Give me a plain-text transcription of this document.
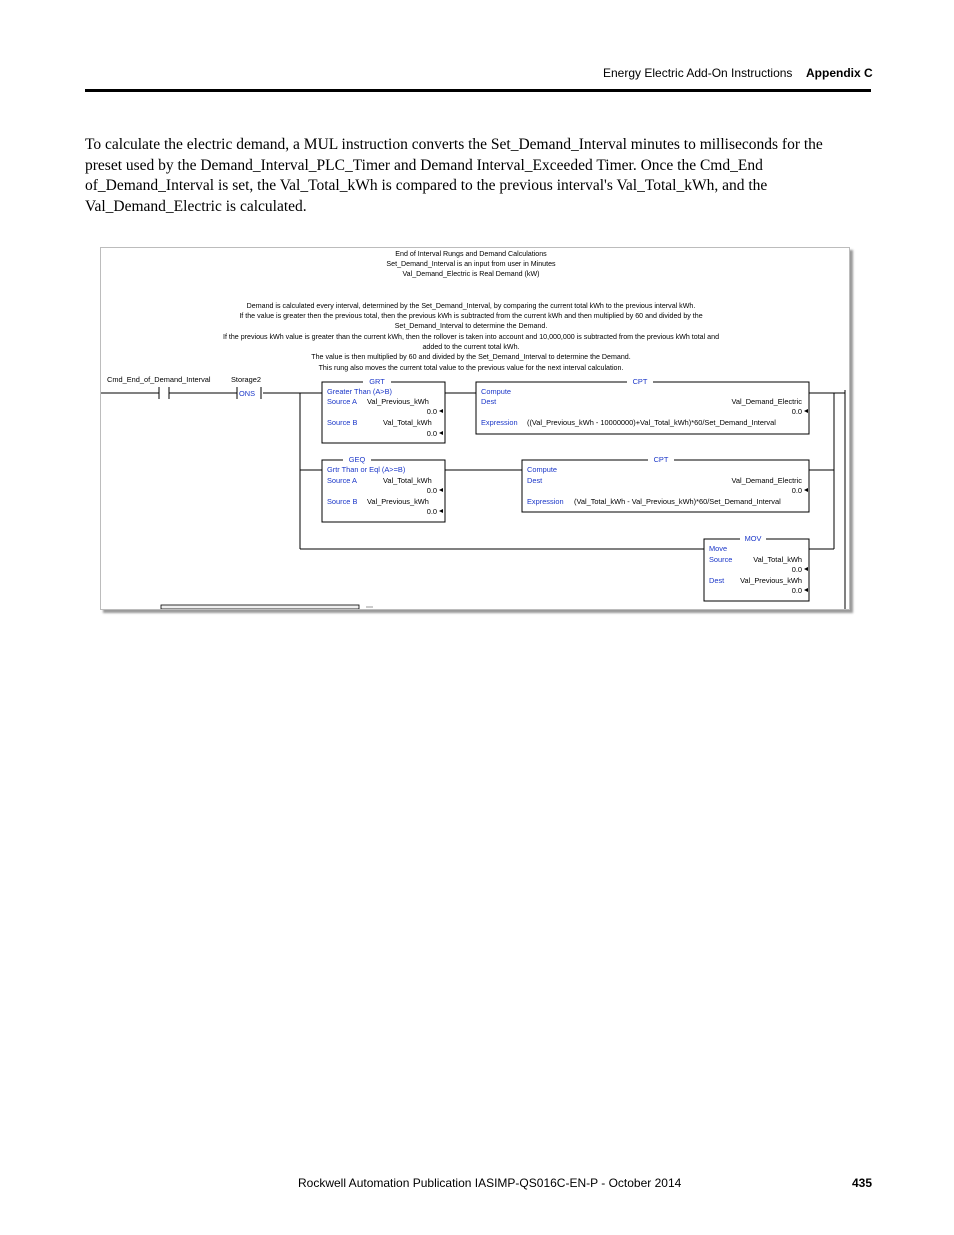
Energy Electric Add-On Instructions Appendix C

To calculate the electric demand, a MUL instruction converts the Set_Demand_Interval minutes to milliseconds for the

preset used by the Demand_Interval_PLC_Timer and Demand Interval_Exceeded Timer. Once the Cmd_End

of_Demand_Interval is set, the Val_Total_kWh is compared to the previous interval's Val_Total_kWh, and the

Val_Demand_Electric is calculated.

End of Interval Rungs and Demand Calculations
Set_Demand_Interval is an input from user in Minutes
Val_Demand_Electric is Real Demand (kW)
Demand is calculated every interval, determined by the Set_Demand_Interval, by comparing the current total kWh to the previous interval kWh.
If the value is greater then the previous total, then the previous kWh is subtracted from the current kWh and then multiplied by 60 and divided by the
Set_Demand_Interval to determine the Demand.
If the previous kWh value is greater than the current kWh, then the rollover is taken into account and 10,000,000 is subtracted from the previous kWh total and
added to the current total kWh.
The value is then multiplied by 60 and divided by the Set_Demand_Interval to determine the Demand.
This rung also moves the current total value to the previous value for the next interval calculation.
Cmd_End_of_Demand_Interval	Storage2
ONS
GRT
Greater Than (A>B)
Source A Val_Previous_kWh
0.0
Source B	Val_Total_kWh
0.0
CPT
Compute
Dest	Val_Demand_Electric
0.0
Expression ((Val_Previous_kWh - 10000000)+Val_Total_kWh)*60/Set_Demand_Interval
GEQ
Grtr Than or Eql (A>=B)
Source A	Val_Total_kWh
0.0
Source B Val_Previous_kWh
0.0
CPT
Compute
Dest	Val_Demand_Electric
0.0
Expression (Val_Total_kWh - Val_Previous_kWh)*60/Set_Demand_Interval
MOV
Move
Source	Val_Total_kWh
0.0
Dest Val_Previous_kWh
0.0
Rockwell Automation Publication IASIMP-QS016C-EN-P - October 2014	435
